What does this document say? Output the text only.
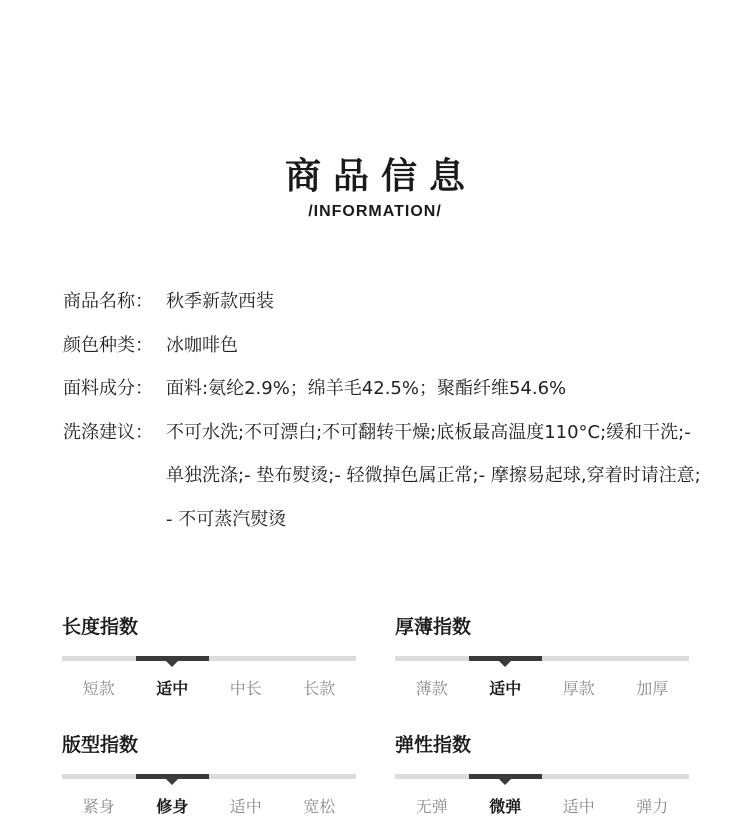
商品信息
/INFORMATION/
商品名称： 秋季新款西装
颜色种类： 冰咖啡色
面料成分： 面料:氨纶2.9%；绵羊毛42.5%；聚酯纤维54.6%
洗涤建议： 不可水洗;不可漂白;不可翻转干燥;底板最高温度110°C;缓和干洗;- 单独洗涤;- 垫布熨烫;- 轻微掉色属正常;- 摩擦易起球,穿着时请注意;- 不可蒸汽熨烫
长度指数
短款	适中	中长	长款
厚薄指数
薄款	适中	厚款	加厚
版型指数
紧身	修身	适中	宽松
弹性指数
无弹	微弹	适中	弹力
